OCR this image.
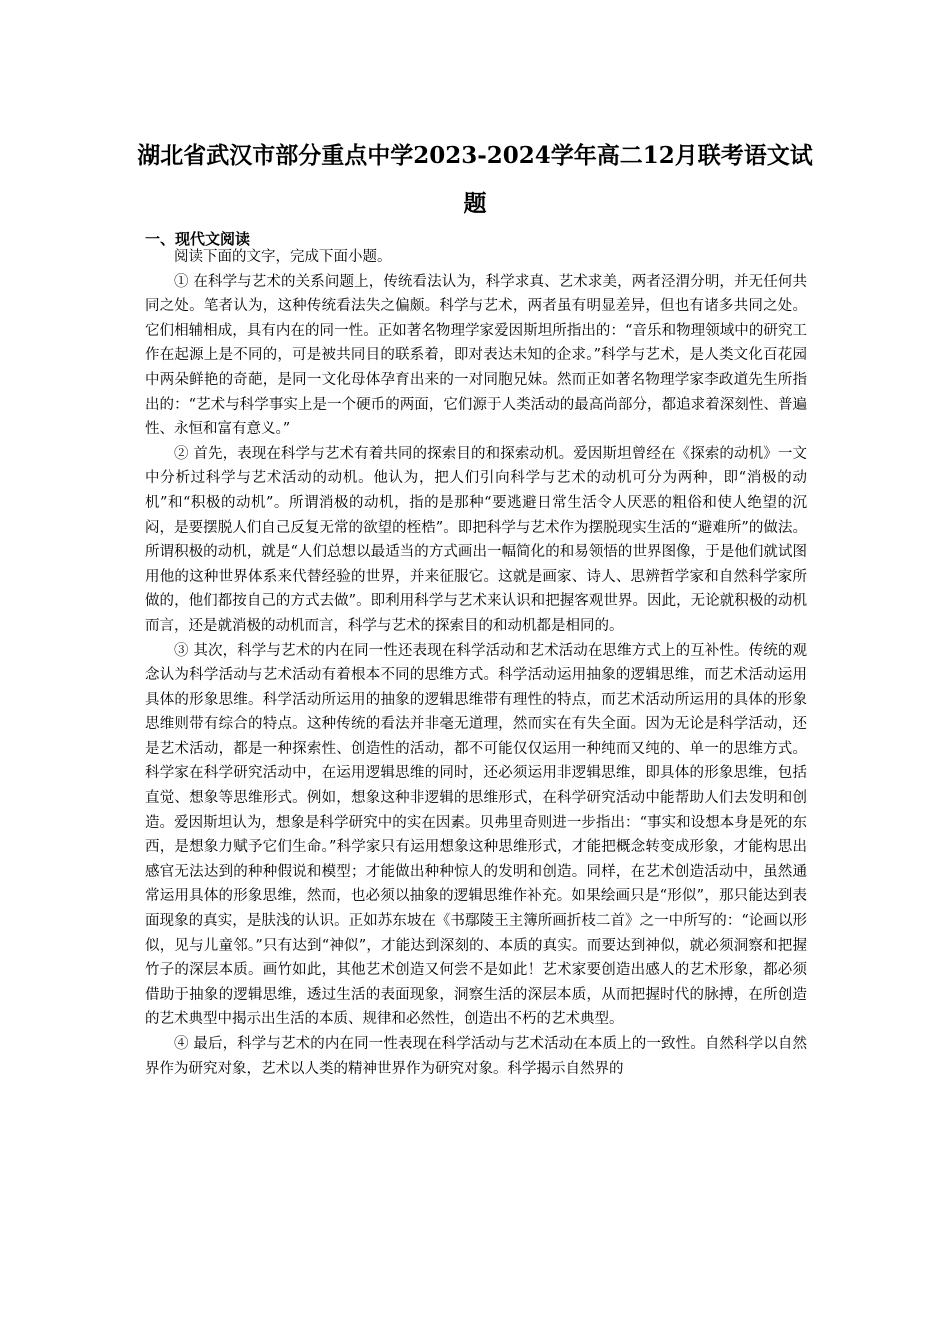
湖北省武汉市部分重点中学2023-2024学年高二12月联考语文试题
一、现代文阅读

阅读下面的文字，完成下面小题。

① 在科学与艺术的关系问题上，传统看法认为，科学求真、艺术求美，两者泾渭分明，并无任何共同之处。笔者认为，这种传统看法失之偏颇。科学与艺术，两者虽有明显差异，但也有诸多共同之处。它们相辅相成，具有内在的同一性。正如著名物理学家爱因斯坦所指出的：“音乐和物理领域中的研究工作在起源上是不同的，可是被共同目的联系着，即对表达未知的企求。”科学与艺术，是人类文化百花园中两朵鲜艳的奇葩，是同一文化母体孕育出来的一对同胞兄妹。然而正如著名物理学家李政道先生所指出的：“艺术与科学事实上是一个硬币的两面，它们源于人类活动的最高尚部分，都追求着深刻性、普遍性、永恒和富有意义。”

② 首先，表现在科学与艺术有着共同的探索目的和探索动机。爱因斯坦曾经在《探索的动机》一文中分析过科学与艺术活动的动机。他认为，把人们引向科学与艺术的动机可分为两种，即“消极的动机”和“积极的动机”。所谓消极的动机，指的是那种“要逃避日常生活令人厌恶的粗俗和使人绝望的沉闷，是要摆脱人们自己反复无常的欲望的桎梏”。即把科学与艺术作为摆脱现实生活的“避难所”的做法。所谓积极的动机，就是“人们总想以最适当的方式画出一幅简化的和易领悟的世界图像，于是他们就试图用他的这种世界体系来代替经验的世界，并来征服它。这就是画家、诗人、思辨哲学家和自然科学家所做的，他们都按自己的方式去做”。即利用科学与艺术来认识和把握客观世界。因此，无论就积极的动机而言，还是就消极的动机而言，科学与艺术的探索目的和动机都是相同的。

③ 其次，科学与艺术的内在同一性还表现在科学活动和艺术活动在思维方式上的互补性。传统的观念认为科学活动与艺术活动有着根本不同的思维方式。科学活动运用抽象的逻辑思维，而艺术活动运用具体的形象思维。科学活动所运用的抽象的逻辑思维带有理性的特点，而艺术活动所运用的具体的形象思维则带有综合的特点。这种传统的看法并非毫无道理，然而实在有失全面。因为无论是科学活动，还是艺术活动，都是一种探索性、创造性的活动，都不可能仅仅运用一种纯而又纯的、单一的思维方式。科学家在科学研究活动中，在运用逻辑思维的同时，还必须运用非逻辑思维，即具体的形象思维，包括直觉、想象等思维形式。例如，想象这种非逻辑的思维形式，在科学研究活动中能帮助人们去发明和创造。爱因斯坦认为，想象是科学研究中的实在因素。贝弗里奇则进一步指出：“事实和设想本身是死的东西，是想象力赋予它们生命。”科学家只有运用想象这种思维形式，才能把概念转变成形象，才能构思出感官无法达到的种种假说和模型；才能做出种种惊人的发明和创造。同样，在艺术创造活动中，虽然通常运用具体的形象思维，然而，也必须以抽象的逻辑思维作补充。如果绘画只是“形似”，那只能达到表面现象的真实，是肤浅的认识。正如苏东坡在《书鄢陵王主簿所画折枝二首》之一中所写的：“论画以形似，见与儿童邻。”只有达到“神似”，才能达到深刻的、本质的真实。而要达到神似，就必须洞察和把握竹子的深层本质。画竹如此，其他艺术创造又何尝不是如此！艺术家要创造出感人的艺术形象，都必须借助于抽象的逻辑思维，透过生活的表面现象，洞察生活的深层本质，从而把握时代的脉搏，在所创造的艺术典型中揭示出生活的本质、规律和必然性，创造出不朽的艺术典型。

④ 最后，科学与艺术的内在同一性表现在科学活动与艺术活动在本质上的一致性。自然科学以自然界作为研究对象，艺术以人类的精神世界作为研究对象。科学揭示自然界的
